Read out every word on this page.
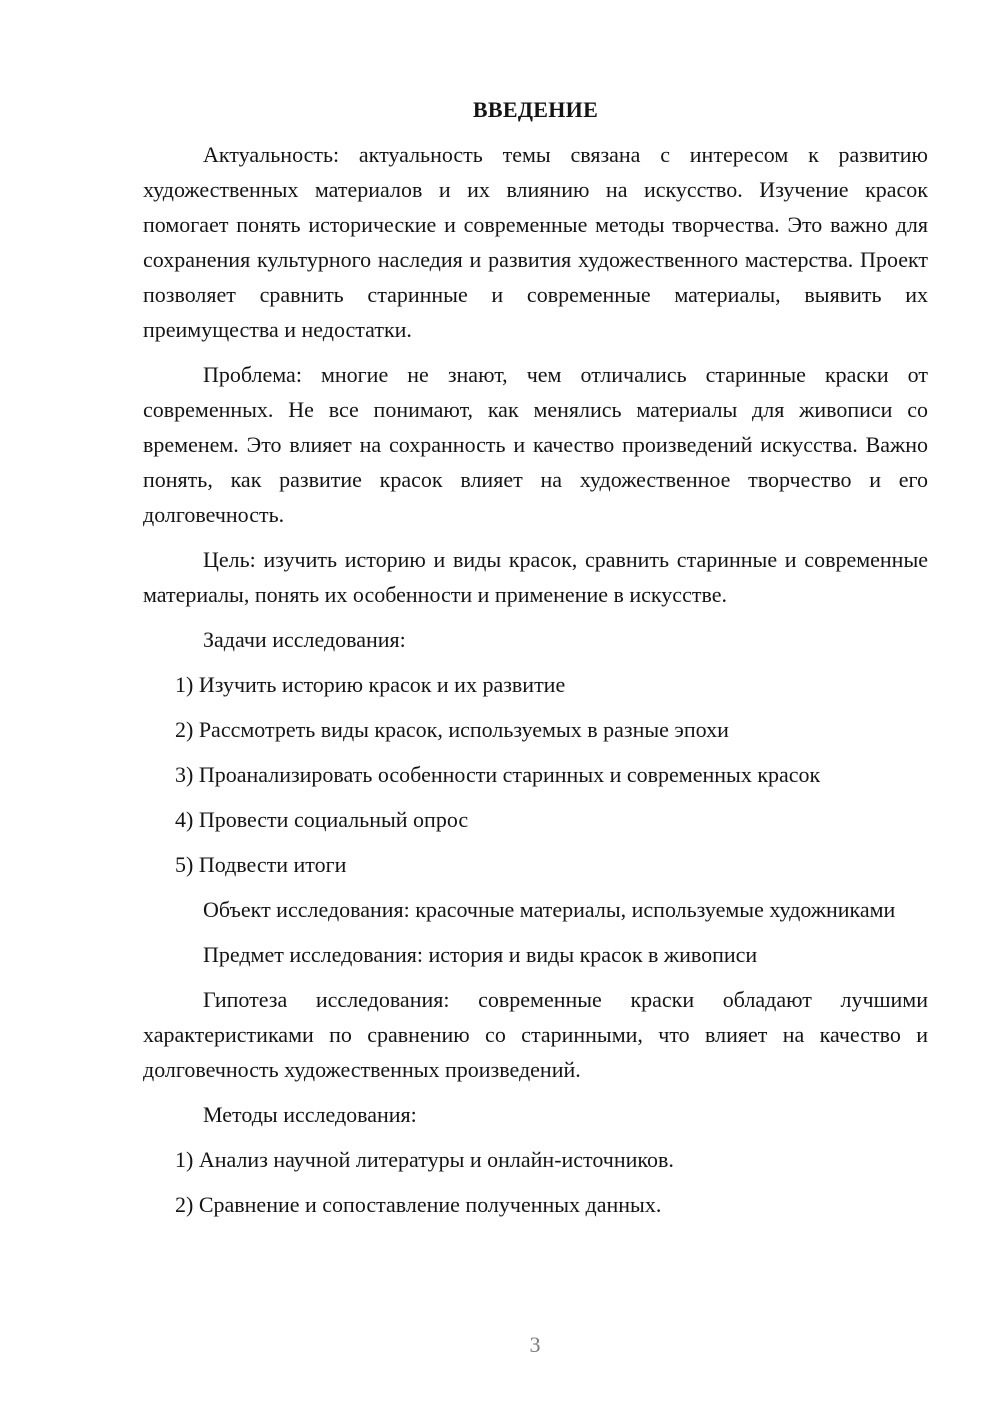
ВВЕДЕНИЕ
Актуальность: актуальность темы связана с интересом к развитию художественных материалов и их влиянию на искусство. Изучение красок помогает понять исторические и современные методы творчества. Это важно для сохранения культурного наследия и развития художественного мастерства. Проект позволяет сравнить старинные и современные материалы, выявить их преимущества и недостатки.
Проблема: многие не знают, чем отличались старинные краски от современных. Не все понимают, как менялись материалы для живописи со временем. Это влияет на сохранность и качество произведений искусства. Важно понять, как развитие красок влияет на художественное творчество и его долговечность.
Цель: изучить историю и виды красок, сравнить старинные и современные материалы, понять их особенности и применение в искусстве.
Задачи исследования:
1) Изучить историю красок и их развитие
2) Рассмотреть виды красок, используемых в разные эпохи
3) Проанализировать особенности старинных и современных красок
4) Провести социальный опрос
5) Подвести итоги
Объект исследования: красочные материалы, используемые художниками
Предмет исследования: история и виды красок в живописи
Гипотеза исследования: современные краски обладают лучшими характеристиками по сравнению со старинными, что влияет на качество и долговечность художественных произведений.
Методы исследования:
1) Анализ научной литературы и онлайн-источников.
2) Сравнение и сопоставление полученных данных.
3
